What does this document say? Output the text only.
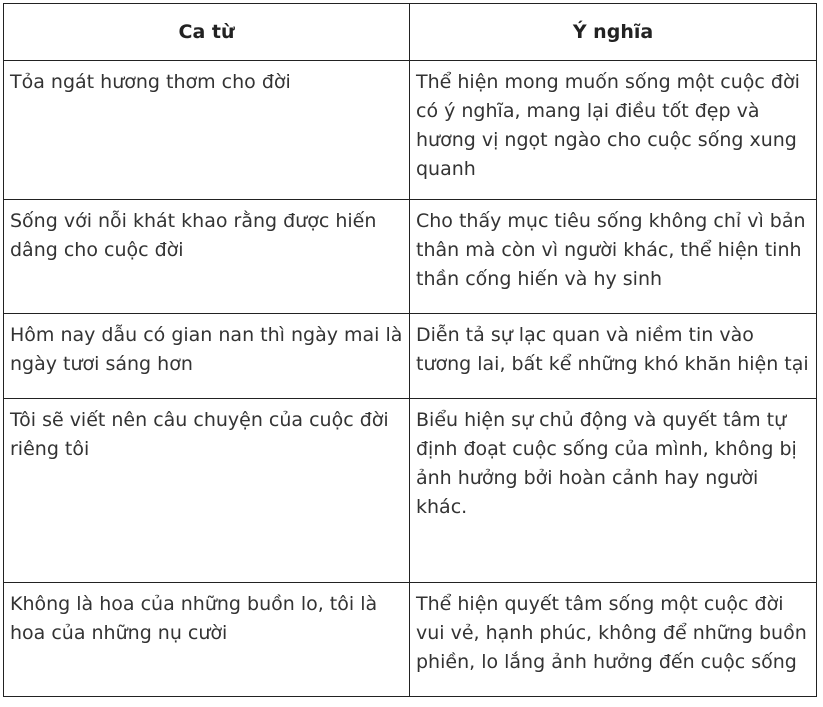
Ca từ	Ý nghĩa
Tỏa ngát hương thơm cho đời	Thể hiện mong muốn sống một cuộc đời có ý nghĩa, mang lại điều tốt đẹp và hương vị ngọt ngào cho cuộc sống xung quanh
Sống với nỗi khát khao rằng được hiến dâng cho cuộc đời	Cho thấy mục tiêu sống không chỉ vì bản thân mà còn vì người khác, thể hiện tinh thần cống hiến và hy sinh
Hôm nay dẫu có gian nan thì ngày mai là ngày tươi sáng hơn	Diễn tả sự lạc quan và niềm tin vào tương lai, bất kể những khó khăn hiện tại
Tôi sẽ viết nên câu chuyện của cuộc đời riêng tôi	Biểu hiện sự chủ động và quyết tâm tự định đoạt cuộc sống của mình, không bị ảnh hưởng bởi hoàn cảnh hay người khác.
Không là hoa của những buồn lo, tôi là hoa của những nụ cười	Thể hiện quyết tâm sống một cuộc đời vui vẻ, hạnh phúc, không để những buồn phiền, lo lắng ảnh hưởng đến cuộc sống
